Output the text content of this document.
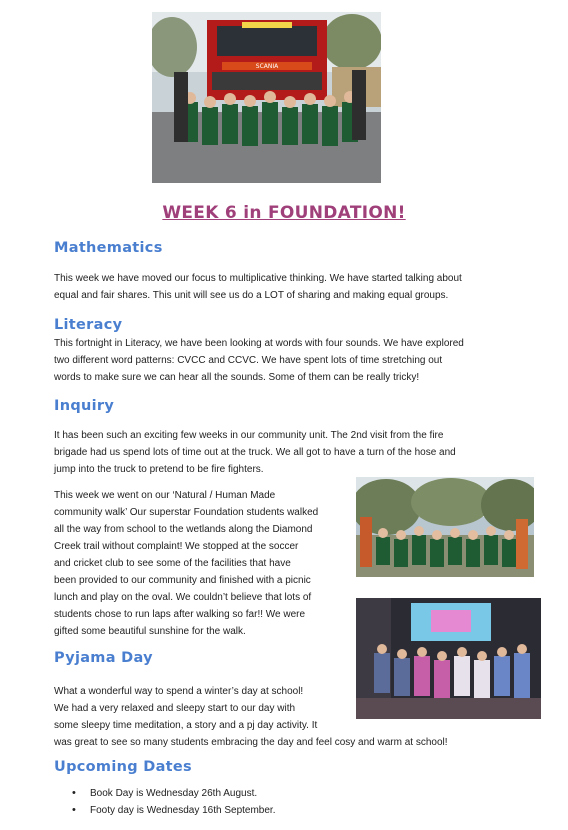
SCANIA
WEEK 6 in FOUNDATION!
Mathematics
This week we have moved our focus to multiplicative thinking. We have started talking about
equal and fair shares. This unit will see us do a LOT of sharing and making equal groups.
Literacy
This fortnight in Literacy, we have been looking at words with four sounds. We have explored
two different word patterns: CVCC and CCVC. We have spent lots of time stretching out
words to make sure we can hear all the sounds. Some of them can be really tricky!
Inquiry
It has been such an exciting few weeks in our community unit. The 2nd visit from the fire
brigade had us spend lots of time out at the truck. We all got to have a turn of the hose and
jump into the truck to pretend to be fire fighters.
This week we went on our ‘Natural / Human Made
community walk’ Our superstar Foundation students walked
all the way from school to the wetlands along the Diamond
Creek trail without complaint! We stopped at the soccer
and cricket club to see some of the facilities that have
been provided to our community and finished with a picnic
lunch and play on the oval. We couldn’t believe that lots of
students chose to run laps after walking so far!! We were
gifted some beautiful sunshine for the walk.
Pyjama Day
What a wonderful way to spend a winter’s day at school!
We had a very relaxed and sleepy start to our day with
some sleepy time meditation, a story and a pj day activity. It
was great to see so many students embracing the day and feel cosy and warm at school!
Upcoming Dates
• Book Day is Wednesday 26th August.
• Footy day is Wednesday 16th September.
